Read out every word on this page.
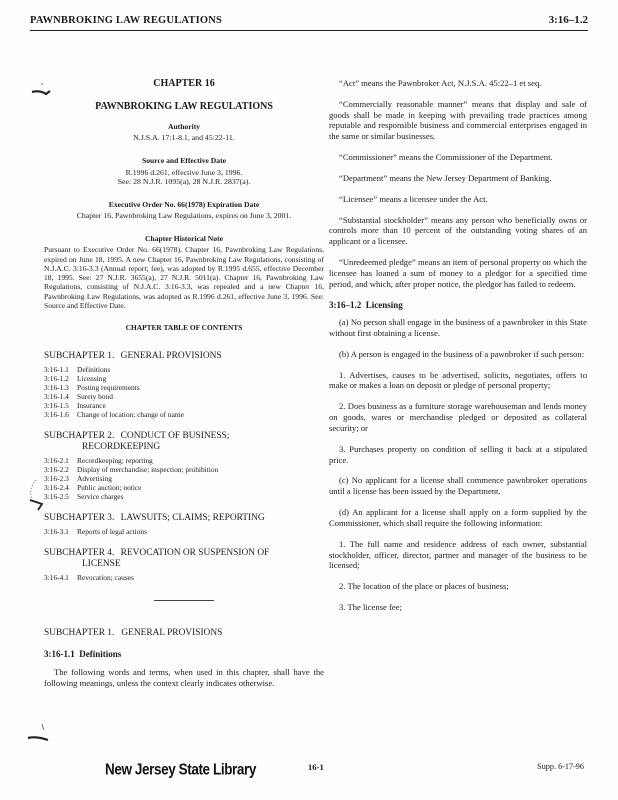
PAWNBROKING LAW REGULATIONS	3:16–1.2
CHAPTER 16
PAWNBROKING LAW REGULATIONS
Authority
N.J.S.A. 17:1-8.1, and 45:22-11.
Source and Effective Date
R.1996 d.261, effective June 3, 1996.
See: 28 N.J.R. 1095(a), 28 N.J.R. 2837(a).
Executive Order No. 66(1978) Expiration Date
Chapter 16, Pawnbroking Law Regulations, expires on June 3, 2001.
Chapter Historical Note
Pursuant to Executive Order No. 66(1978), Chapter 16, Pawnbroking Law Regulations, expired on June 18, 1995. A new Chapter 16, Pawnbroking Law Regulations, consisting of N.J.A.C. 3:16-3.3 (Annual report; fee), was adopted by R.1995 d.655, effective December 18, 1995. See: 27 N.J.R. 3655(a), 27 N.J.R. 5011(a). Chapter 16, Pawnbroking Law Regulations, consisting of N.J.A.C. 3:16-3.3, was repealed and a new Chapter 16, Pawnbroking Law Regulations, was adopted as R.1996 d.261, effective June 3, 1996. See: Source and Effective Date.
CHAPTER TABLE OF CONTENTS
SUBCHAPTER 1. GENERAL PROVISIONS
3:16-1.1 Definitions
3:16-1.2 Licensing
3:16-1.3 Posting requirements
3:16-1.4 Surety bond
3:16-1.5 Insurance
3:16-1.6 Change of location; change of name
SUBCHAPTER 2. CONDUCT OF BUSINESS;
RECORDKEEPING
3:16-2.1 Recordkeeping; reporting
3:16-2.2 Display of merchandise; inspection; prohibition
3:16-2.3 Advertising
3:16-2.4 Public auction; notice
3:16-2.5 Service charges
SUBCHAPTER 3. LAWSUITS; CLAIMS; REPORTING
3:16-3.1 Reports of legal actions
SUBCHAPTER 4. REVOCATION OR SUSPENSION OF
LICENSE
3:16-4.1 Revocation; causes
SUBCHAPTER 1.   GENERAL PROVISIONS
3:16-1.1  Definitions

The following words and terms, when used in this chapter, shall have the following meanings, unless the context clearly indicates otherwise.

“Act” means the Pawnbroker Act, N.J.S.A. 45:22–1 et seq.

“Commercially reasonable manner” means that display and sale of goods shall be made in keeping with prevailing trade practices among reputable and responsible business and commercial enterprises engaged in the same or similar businesses.

“Commissioner” means the Commissioner of the Department.

“Department” means the New Jersey Department of Banking.

“Licensee” means a licensee under the Act.

“Substantial stockholder” means any person who beneficially owns or controls more than 10 percent of the outstanding voting shares of an applicant or a licensee.

“Unredeemed pledge” means an item of personal property on which the licensee has loaned a sum of money to a pledgor for a specified time period, and which, after proper notice, the pledgor has failed to redeem.

3:16–1.2  Licensing

(a) No person shall engage in the business of a pawnbroker in this State without first obtaining a license.

(b) A person is engaged in the business of a pawnbroker if such person:

1. Advertises, causes to be advertised, solicits, negotiates, offers to make or makes a loan on deposit or pledge of personal property;

2. Does business as a furniture storage warehouseman and lends money on goods, wares or merchandise pledged or deposited as collateral security; or

3. Purchases property on condition of selling it back at a stipulated price.

(c) No applicant for a license shall commence pawnbroker operations until a license has been issued by the Department.

(d) An applicant for a license shall apply on a form supplied by the Commissioner, which shall require the following information:

1. The full name and residence address of each owner, substantial stockholder, officer, director, partner and manager of the business to be licensed;

2. The location of the place or places of business;

3. The license fee;

New Jersey State Library	16-1	Supp. 6-17-96
